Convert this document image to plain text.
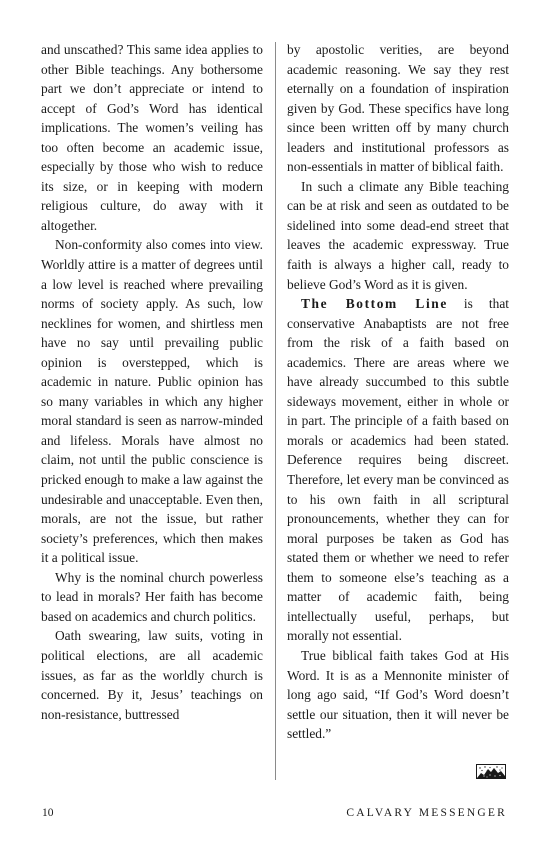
and unscathed? This same idea applies to other Bible teachings. Any bothersome part we don’t appreciate or intend to accept of God’s Word has identical implications. The women’s veiling has too often become an academic issue, especially by those who wish to reduce its size, or in keeping with modern religious culture, do away with it altogether.

Non-conformity also comes into view. Worldly attire is a matter of degrees until a low level is reached where prevailing norms of society apply. As such, low necklines for women, and shirtless men have no say until prevailing public opinion is overstepped, which is academic in nature. Public opinion has so many variables in which any higher moral standard is seen as narrow-minded and lifeless. Morals have almost no claim, not until the public conscience is pricked enough to make a law against the undesirable and unacceptable. Even then, morals, are not the issue, but rather society’s preferences, which then makes it a political issue.

Why is the nominal church powerless to lead in morals? Her faith has become based on academics and church politics.

Oath swearing, law suits, voting in political elections, are all academic issues, as far as the worldly church is concerned. By it, Jesus’ teachings on non-resistance, buttressed

by apostolic verities, are beyond academic reasoning. We say they rest eternally on a foundation of inspiration given by God. These specifics have long since been written off by many church leaders and institutional professors as non-essentials in matter of biblical faith.

In such a climate any Bible teaching can be at risk and seen as outdated to be sidelined into some dead-end street that leaves the academic expressway. True faith is always a higher call, ready to believe God’s Word as it is given.

The Bottom Line is that conservative Anabaptists are not free from the risk of a faith based on academics. There are areas where we have already succumbed to this subtle sideways movement, either in whole or in part. The principle of a faith based on morals or academics had been stated. Deference requires being discreet. Therefore, let every man be convinced as to his own faith in all scriptural pronouncements, whether they can for moral purposes be taken as God has stated them or whether we need to refer them to someone else’s teaching as a matter of academic faith, being intellectually useful, perhaps, but morally not essential.

True biblical faith takes God at His Word. It is as a Mennonite minister of long ago said, “If God’s Word doesn’t settle our situation, then it will never be settled.”

10	CALVARY MESSENGER
